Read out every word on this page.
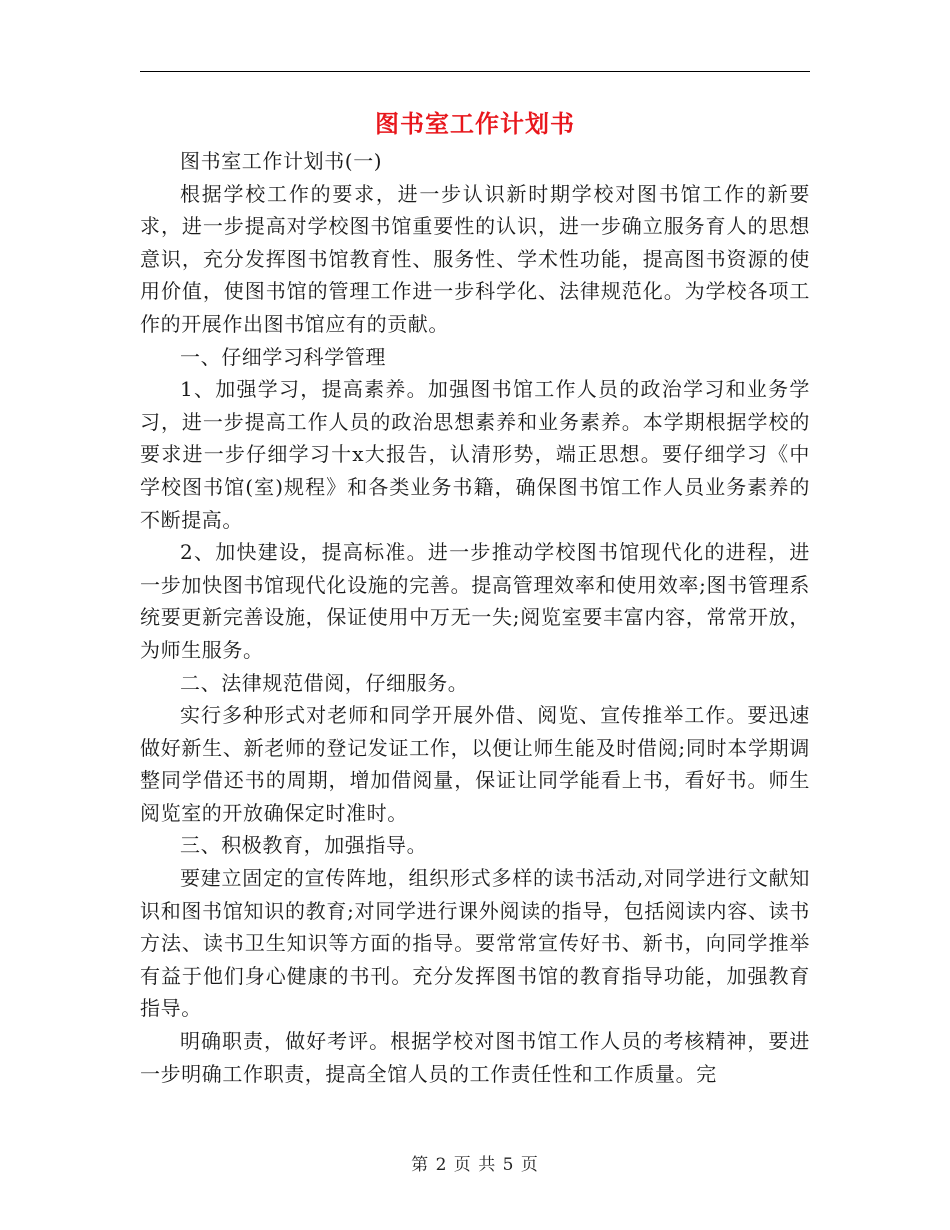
图书室工作计划书

图书室工作计划书(一)

根据学校工作的要求，进一步认识新时期学校对图书馆工作的新要求，进一步提高对学校图书馆重要性的认识，进一步确立服务育人的思想意识，充分发挥图书馆教育性、服务性、学术性功能，提高图书资源的使用价值，使图书馆的管理工作进一步科学化、法律规范化。为学校各项工作的开展作出图书馆应有的贡献。

一、仔细学习科学管理

1、加强学习，提高素养。加强图书馆工作人员的政治学习和业务学习，进一步提高工作人员的政治思想素养和业务素养。本学期根据学校的要求进一步仔细学习十x大报告，认清形势，端正思想。要仔细学习《中学校图书馆(室)规程》和各类业务书籍，确保图书馆工作人员业务素养的不断提高。

2、加快建设，提高标准。进一步推动学校图书馆现代化的进程，进一步加快图书馆现代化设施的完善。提高管理效率和使用效率;图书管理系统要更新完善设施，保证使用中万无一失;阅览室要丰富内容，常常开放，为师生服务。

二、法律规范借阅，仔细服务。

实行多种形式对老师和同学开展外借、阅览、宣传推举工作。要迅速做好新生、新老师的登记发证工作，以便让师生能及时借阅;同时本学期调整同学借还书的周期，增加借阅量，保证让同学能看上书，看好书。师生阅览室的开放确保定时准时。

三、积极教育，加强指导。

要建立固定的宣传阵地，组织形式多样的读书活动,对同学进行文献知识和图书馆知识的教育;对同学进行课外阅读的指导，包括阅读内容、读书方法、读书卫生知识等方面的指导。要常常宣传好书、新书，向同学推举有益于他们身心健康的书刊。充分发挥图书馆的教育指导功能，加强教育指导。

明确职责，做好考评。根据学校对图书馆工作人员的考核精神，要进一步明确工作职责，提高全馆人员的工作责任性和工作质量。完

第 2 页 共 5 页
